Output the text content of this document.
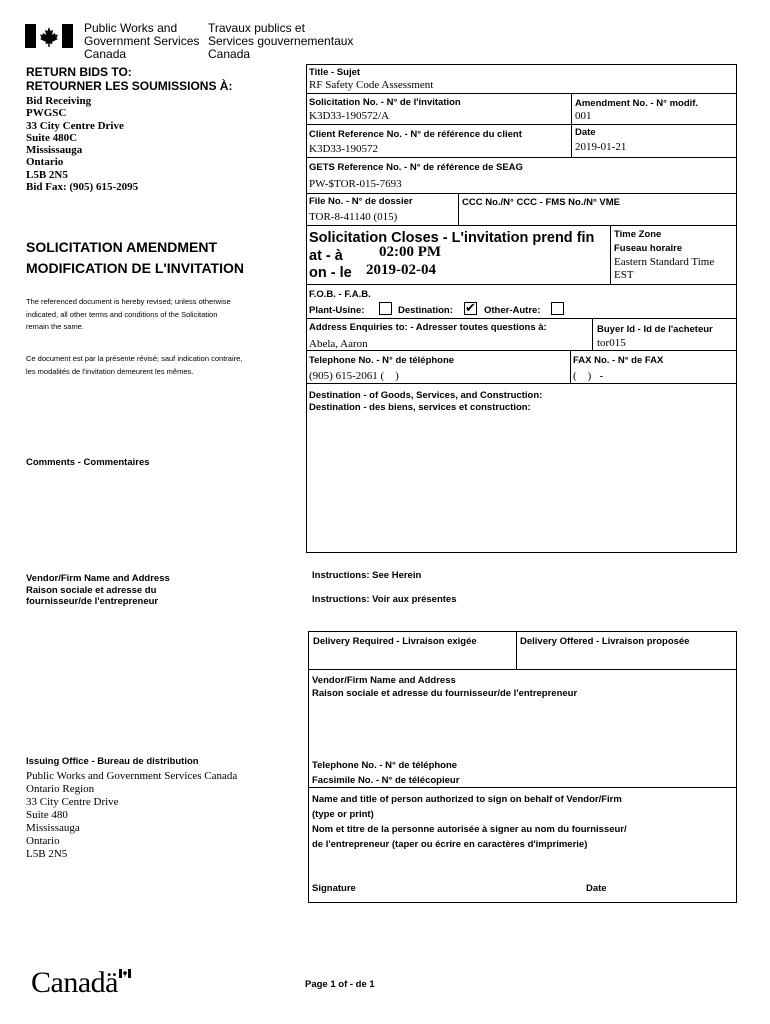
Public Works and
Government Services
Canada
Travaux publics et
Services gouvernementaux
Canada
RETURN BIDS TO:
RETOURNER LES SOUMISSIONS À:
Bid Receiving
PWGSC
33 City Centre Drive
Suite 480C
Mississauga
Ontario
L5B 2N5
Bid Fax: (905) 615-2095
SOLICITATION AMENDMENT
MODIFICATION DE L'INVITATION
The referenced document is hereby revised; unless otherwise
indicated, all other terms and conditions of the Solicitation
remain the same.
Ce document est par la présente révisé; sauf indication contraire,
les modalités de l'invitation demeurent les mêmes.
Comments - Commentaires
Vendor/Firm Name and Address
Raison sociale et adresse du
fournisseur/de l'entrepreneur
Issuing Office - Bureau de distribution
Public Works and Government Services Canada
Ontario Region
33 City Centre Drive
Suite 480
Mississauga
Ontario
L5B 2N5
Title - Sujet
RF Safety Code Assessment
Solicitation No. - N° de l'invitation
K3D33-190572/A
Amendment No. - N° modif.
001
Client Reference No. - N° de référence du client
K3D33-190572
Date
2019-01-21
GETS Reference No. - N° de référence de SEAG
PW-$TOR-015-7693
File No. - N° de dossier
TOR-8-41140 (015)
CCC No./N° CCC - FMS No./N° VME
Solicitation Closes - L'invitation prend fin
at - à 02:00 PM
on - le 2019-02-04
Time Zone
Fuseau horaire
Eastern Standard Time
EST
F.O.B. - F.A.B.
Plant-Usine:	Destination: ✔ Other-Autre:
Address Enquiries to: - Adresser toutes questions à:
Abela, Aaron
Buyer Id - Id de l'acheteur
tor015
Telephone No. - N° de téléphone
(905) 615-2061 (    )
FAX No. - N° de FAX
(    )   -
Destination - of Goods, Services, and Construction:
Destination - des biens, services et construction:
Instructions: See Herein
Instructions: Voir aux présentes
Delivery Required - Livraison exigée	Delivery Offered - Livraison proposée
Vendor/Firm Name and Address
Raison sociale et adresse du fournisseur/de l'entrepreneur
Telephone No. - N° de téléphone
Facsimile No. - N° de télécopieur
Name and title of person authorized to sign on behalf of Vendor/Firm
(type or print)
Nom et titre de la personne autorisée à signer au nom du fournisseur/
de l'entrepreneur (taper ou écrire en caractères d'imprimerie)
Signature	Date
Canadä	Page 1 of - de 1
